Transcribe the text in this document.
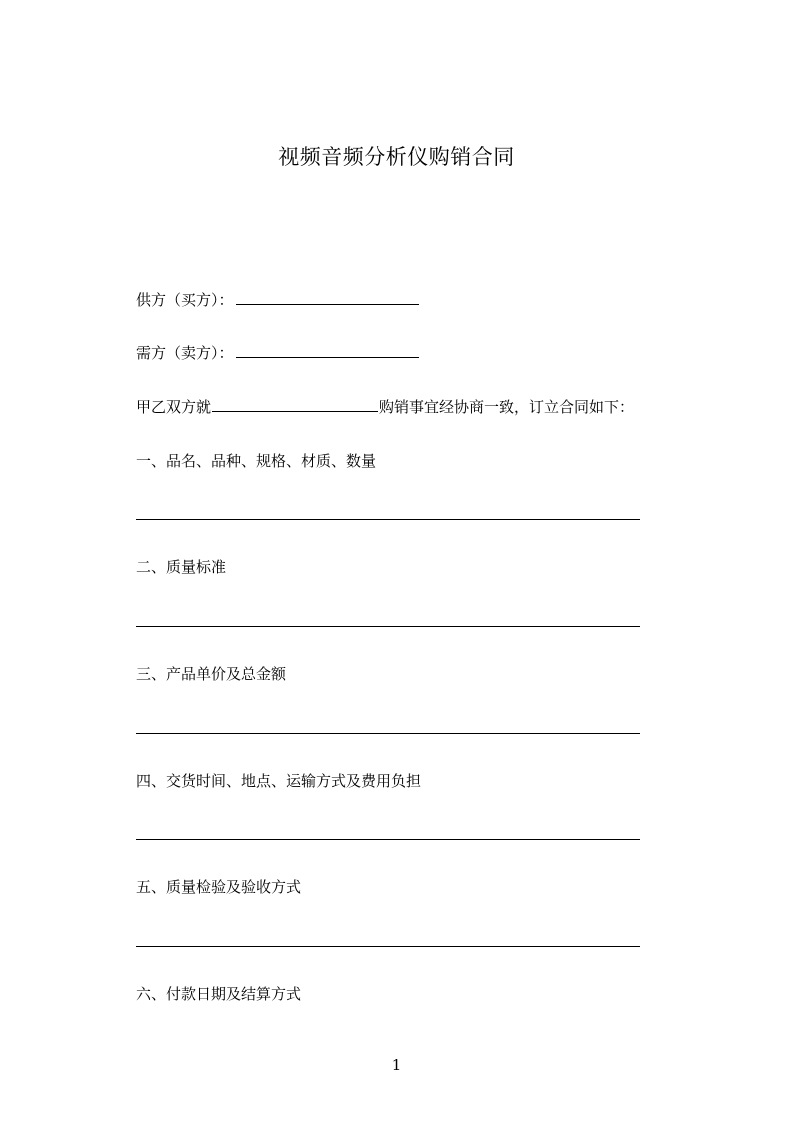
视频音频分析仪购销合同
供方（买方）：
需方（卖方）：
甲乙双方就	购销事宜经协商一致，订立合同如下：
一、品名、品种、规格、材质、数量
二、质量标准
三、产品单价及总金额
四、交货时间、地点、运输方式及费用负担
五、质量检验及验收方式
六、付款日期及结算方式
1
